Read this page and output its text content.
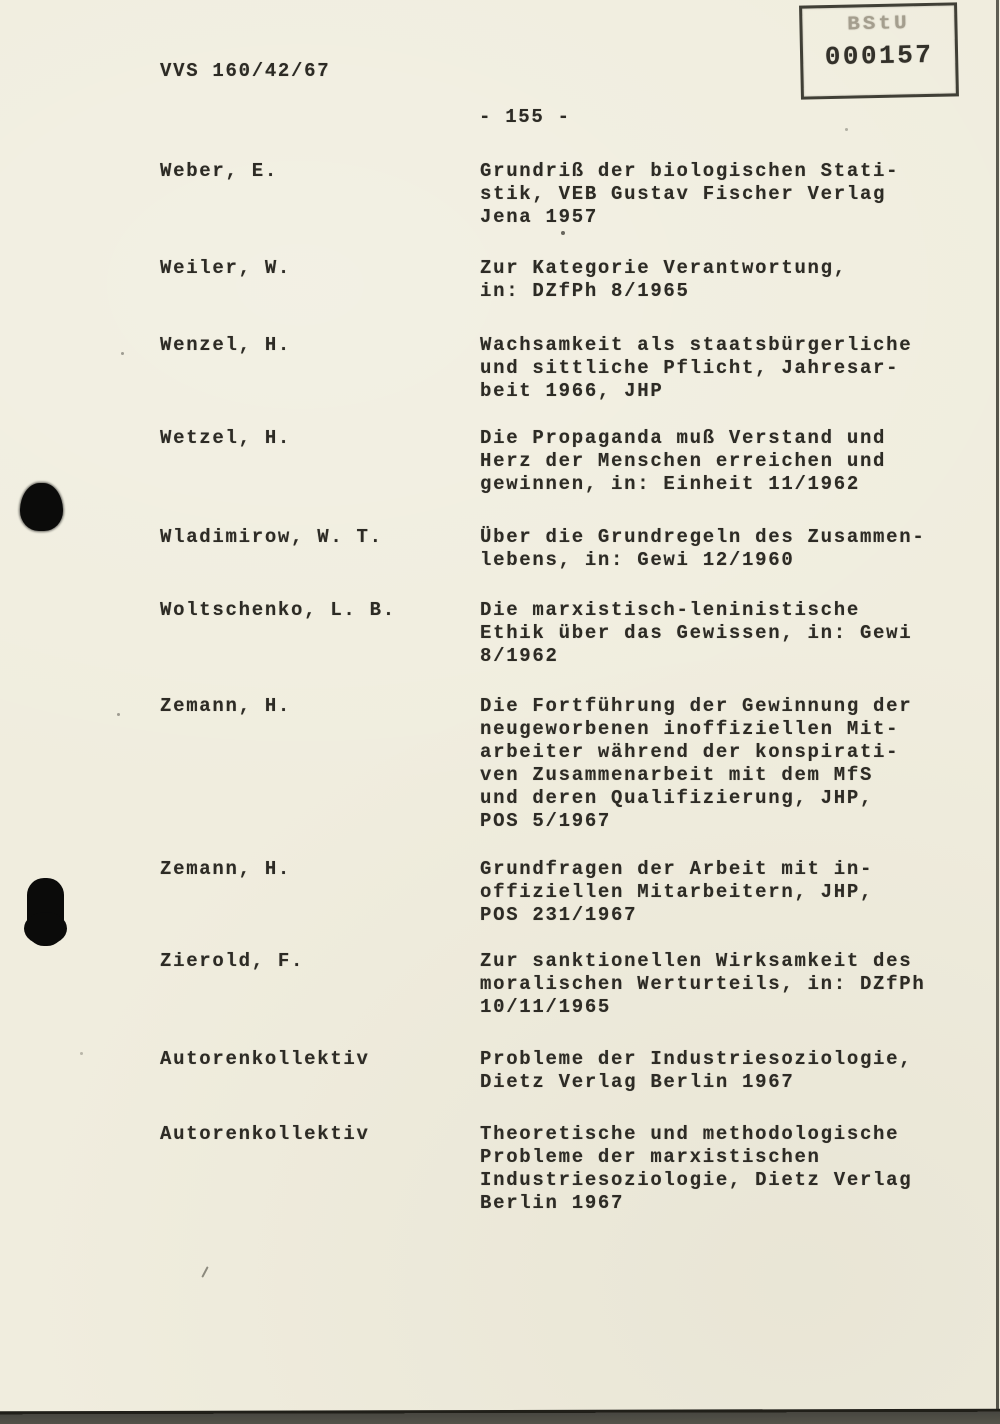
VVS 160/42/67
BStU
000157
- 155 -
Weber, E.	Grundriß der biologischen Stati-
stik, VEB Gustav Fischer Verlag
Jena 1957
Weiler, W.	Zur Kategorie Verantwortung,
in: DZfPh 8/1965
Wenzel, H.	Wachsamkeit als staatsbürgerliche
und sittliche Pflicht, Jahresar-
beit 1966, JHP
Wetzel, H.	Die Propaganda muß Verstand und
Herz der Menschen erreichen und
gewinnen, in: Einheit 11/1962
Wladimirow, W. T.	Über die Grundregeln des Zusammen-
lebens, in: Gewi 12/1960
Woltschenko, L. B.	Die marxistisch-leninistische
Ethik über das Gewissen, in: Gewi
8/1962
Zemann, H.	Die Fortführung der Gewinnung der
neugeworbenen inoffiziellen Mit-
arbeiter während der konspirati-
ven Zusammenarbeit mit dem MfS
und deren Qualifizierung, JHP,
POS 5/1967
Zemann, H.	Grundfragen der Arbeit mit in-
offiziellen Mitarbeitern, JHP,
POS 231/1967
Zierold, F.	Zur sanktionellen Wirksamkeit des
moralischen Werturteils, in: DZfPh
10/11/1965
Autorenkollektiv	Probleme der Industriesoziologie,
Dietz Verlag Berlin 1967
Autorenkollektiv	Theoretische und methodologische
Probleme der marxistischen
Industriesoziologie, Dietz Verlag
Berlin 1967
